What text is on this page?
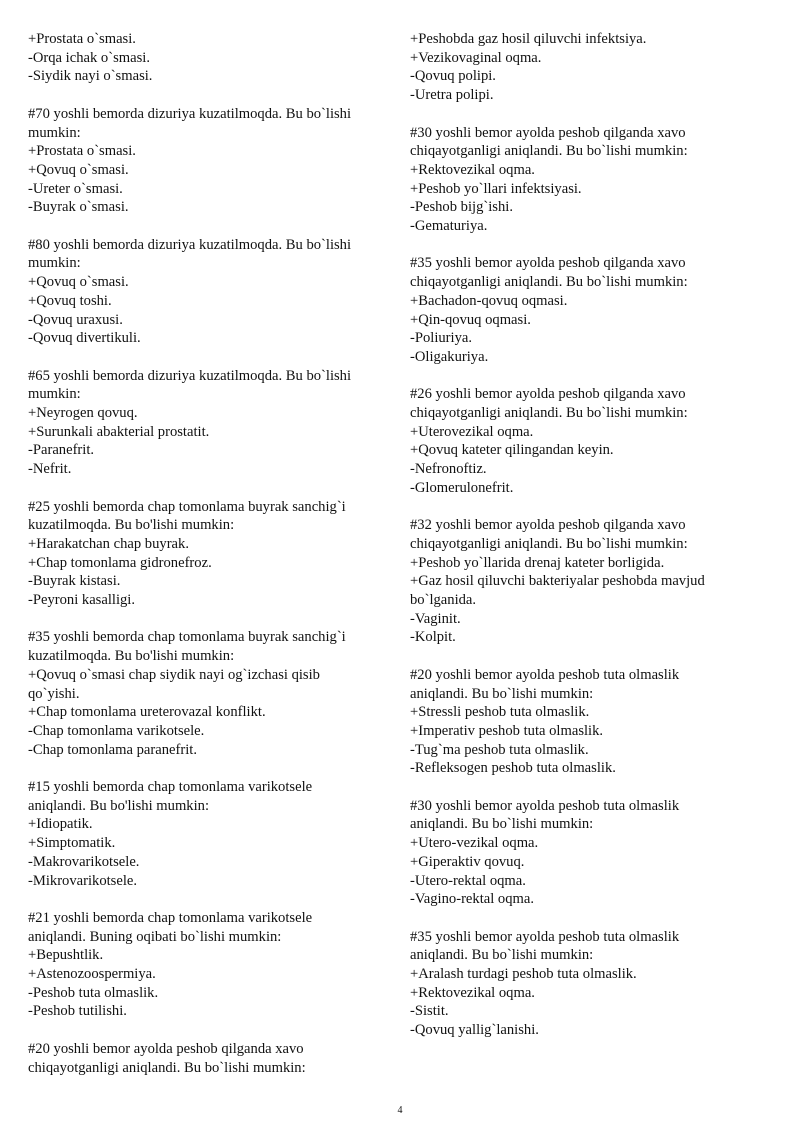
+Prostata o`smasi.
-Orqa ichak o`smasi.
-Siydik nayi o`smasi.
#70 yoshli bemorda dizuriya kuzatilmoqda. Bu bo`lishi
mumkin:
+Prostata o`smasi.
+Qovuq o`smasi.
-Ureter o`smasi.
-Buyrak o`smasi.
#80 yoshli bemorda dizuriya kuzatilmoqda. Bu bo`lishi
mumkin:
+Qovuq o`smasi.
+Qovuq toshi.
-Qovuq uraxusi.
-Qovuq divertikuli.
#65 yoshli bemorda dizuriya kuzatilmoqda. Bu bo`lishi
mumkin:
+Neyrogen qovuq.
+Surunkali abakterial prostatit.
-Paranefrit.
-Nefrit.
#25 yoshli bemorda chap tomonlama buyrak sanchig`i
kuzatilmoqda. Bu bo'lishi mumkin:
+Harakatchan chap buyrak.
+Chap tomonlama gidronefroz.
-Buyrak kistasi.
-Peyroni kasalligi.
#35 yoshli bemorda chap tomonlama buyrak sanchig`i
kuzatilmoqda. Bu bo'lishi mumkin:
+Qovuq o`smasi chap siydik nayi og`izchasi qisib
qo`yishi.
+Chap tomonlama ureterovazal konflikt.
-Chap tomonlama varikotsele.
-Chap tomonlama paranefrit.
#15 yoshli bemorda chap tomonlama varikotsele
aniqlandi. Bu bo'lishi mumkin:
+Idiopatik.
+Simptomatik.
-Makrovarikotsele.
-Mikrovarikotsele.
#21 yoshli bemorda chap tomonlama varikotsele
aniqlandi. Buning oqibati bo`lishi mumkin:
+Bepushtlik.
+Astenozoospermiya.
-Peshob tuta olmaslik.
-Peshob tutilishi.
#20 yoshli bemor ayolda peshob qilganda xavo
chiqayotganligi aniqlandi. Bu bo`lishi mumkin:
+Peshobda gaz hosil qiluvchi infektsiya.
+Vezikovaginal oqma.
-Qovuq polipi.
-Uretra polipi.
#30 yoshli bemor ayolda peshob qilganda xavo
chiqayotganligi aniqlandi. Bu bo`lishi mumkin:
+Rektovezikal oqma.
+Peshob yo`llari infektsiyasi.
-Peshob bijg`ishi.
-Gematuriya.
#35 yoshli bemor ayolda peshob qilganda xavo
chiqayotganligi aniqlandi. Bu bo`lishi mumkin:
+Bachadon-qovuq oqmasi.
+Qin-qovuq oqmasi.
-Poliuriya.
-Oligakuriya.
#26 yoshli bemor ayolda peshob qilganda xavo
chiqayotganligi aniqlandi. Bu bo`lishi mumkin:
+Uterovezikal oqma.
+Qovuq kateter qilingandan keyin.
-Nefronoftiz.
-Glomerulonefrit.
#32 yoshli bemor ayolda peshob qilganda xavo
chiqayotganligi aniqlandi. Bu bo`lishi mumkin:
+Peshob yo`llarida drenaj kateter borligida.
+Gaz hosil qiluvchi bakteriyalar peshobda mavjud
bo`lganida.
-Vaginit.
-Kolpit.
#20 yoshli bemor ayolda peshob tuta olmaslik
aniqlandi. Bu bo`lishi mumkin:
+Stressli peshob tuta olmaslik.
+Imperativ peshob tuta olmaslik.
-Tug`ma peshob tuta olmaslik.
-Refleksogen peshob tuta olmaslik.
#30 yoshli bemor ayolda peshob tuta olmaslik
aniqlandi. Bu bo`lishi mumkin:
+Utero-vezikal oqma.
+Giperaktiv qovuq.
-Utero-rektal oqma.
-Vagino-rektal oqma.
#35 yoshli bemor ayolda peshob tuta olmaslik
aniqlandi. Bu bo`lishi mumkin:
+Aralash turdagi peshob tuta olmaslik.
+Rektovezikal oqma.
-Sistit.
-Qovuq yallig`lanishi.
4
